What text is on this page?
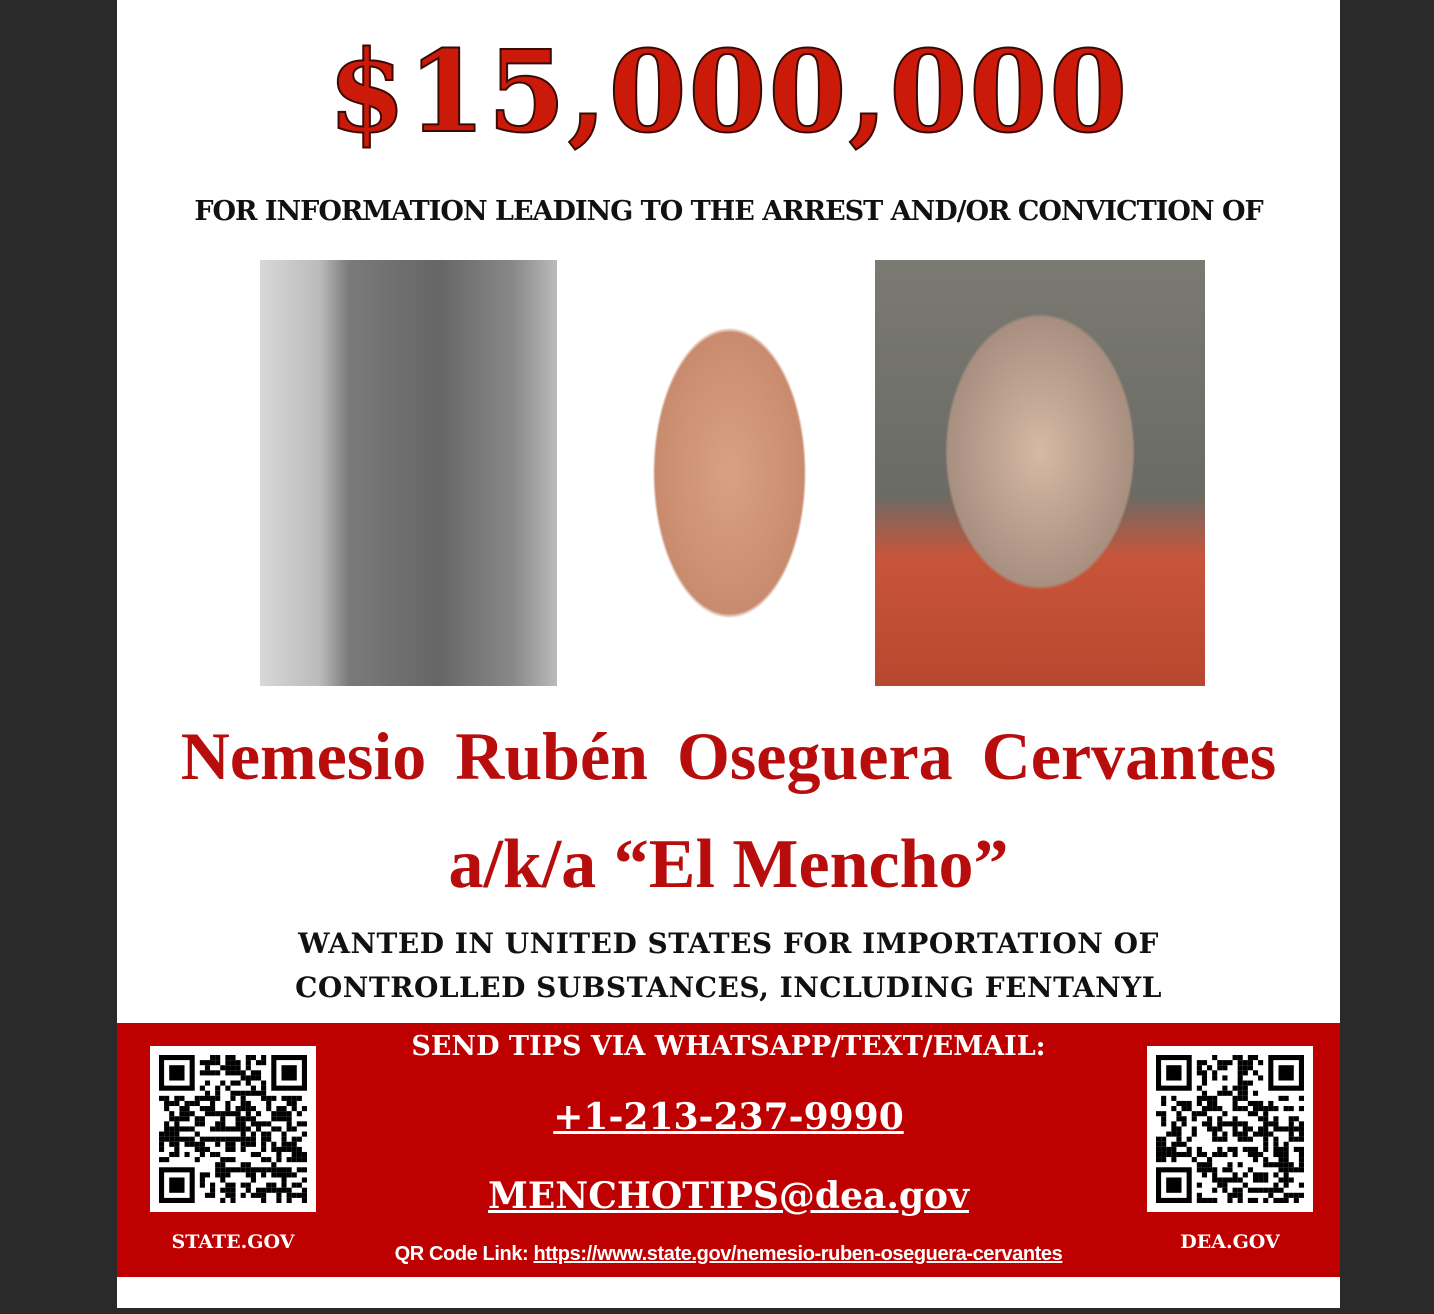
$15,000,000
FOR INFORMATION LEADING TO THE ARREST AND/OR CONVICTION OF
Nemesio Rubén Oseguera Cervantes
a/k/a “El Mencho”
WANTED IN UNITED STATES FOR IMPORTATION OF
CONTROLLED SUBSTANCES, INCLUDING FENTANYL
STATE.GOV	DEA.GOV
SEND TIPS VIA WHATSAPP/TEXT/EMAIL:
+1-213-237-9990
MENCHOTIPS@dea.gov
QR Code Link: https://www.state.gov/nemesio-ruben-oseguera-cervantes
